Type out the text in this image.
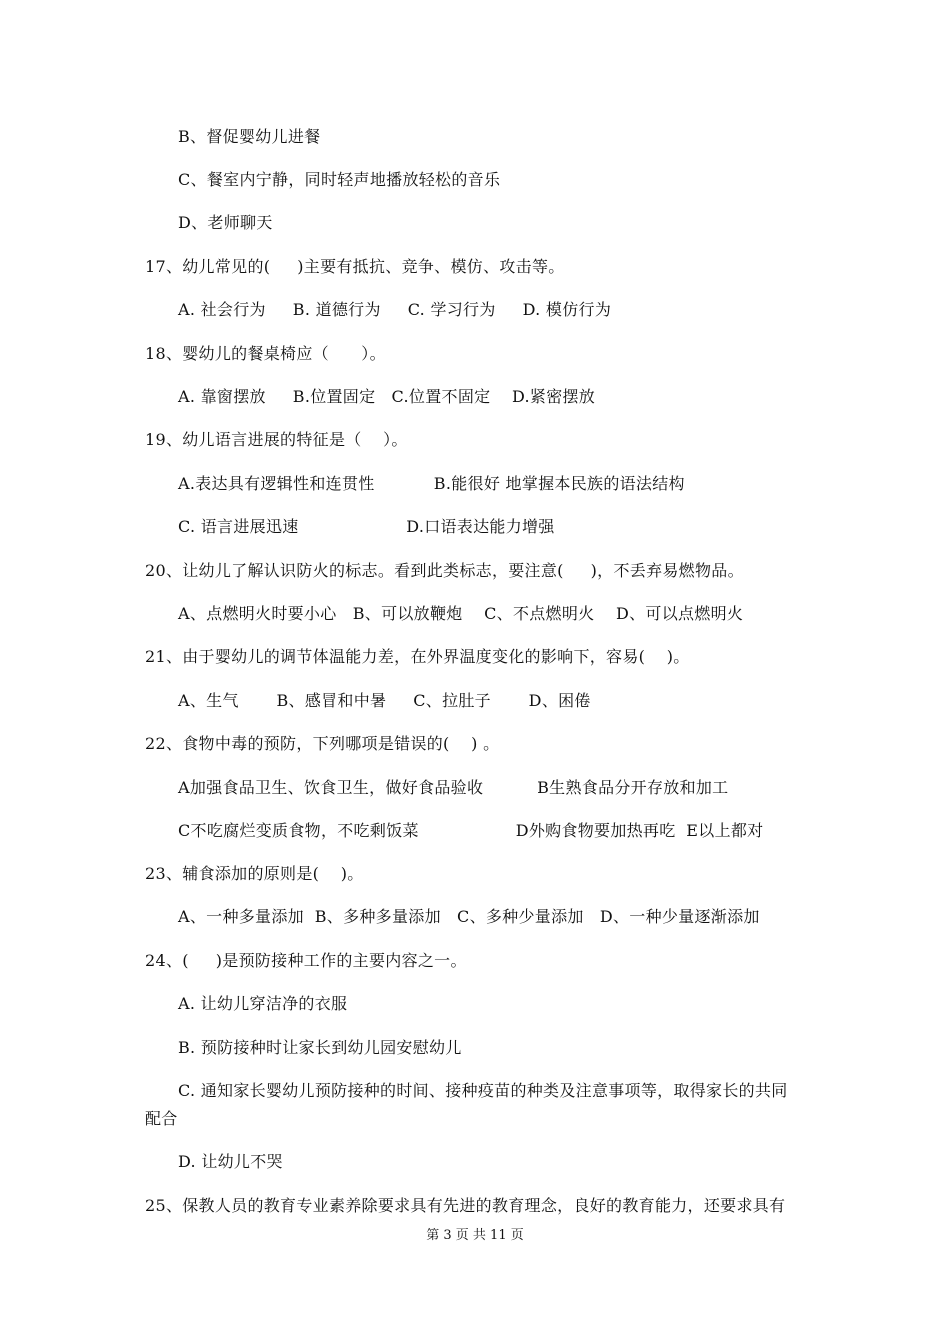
B、督促婴幼儿进餐
C、餐室内宁静，同时轻声地播放轻松的音乐
D、老师聊天
17、幼儿常见的(     )主要有抵抗、竞争、模仿、攻击等。
A. 社会行为     B. 道德行为     C. 学习行为     D. 模仿行为
18、婴幼儿的餐桌椅应（      ）。
A. 靠窗摆放     B.位置固定   C.位置不固定    D.紧密摆放
19、幼儿语言进展的特征是（    ）。
A.表达具有逻辑性和连贯性           B.能很好 地掌握本民族的语法结构
C. 语言进展迅速                    D.口语表达能力增强
20、让幼儿了解认识防火的标志。看到此类标志，要注意(     )，不丢弃易燃物品。
A、点燃明火时要小心   B、可以放鞭炮    C、不点燃明火    D、可以点燃明火
21、由于婴幼儿的调节体温能力差，在外界温度变化的影响下，容易(    )。
A、生气       B、感冒和中暑     C、拉肚子       D、困倦
22、食物中毒的预防，下列哪项是错误的(    ) 。
A加强食品卫生、饮食卫生，做好食品验收          B生熟食品分开存放和加工
C不吃腐烂变质食物，不吃剩饭菜                  D外购食物要加热再吃  E以上都对
23、辅食添加的原则是(    )。
A、一种多量添加  B、多种多量添加   C、多种少量添加   D、一种少量逐渐添加
24、(     )是预防接种工作的主要内容之一。
A. 让幼儿穿洁净的衣服
B. 预防接种时让家长到幼儿园安慰幼儿
C. 通知家长婴幼儿预防接种的时间、接种疫苗的种类及注意事项等，取得家长的共同
配合
D. 让幼儿不哭
25、保教人员的教育专业素养除要求具有先进的教育理念，良好的教育能力，还要求具有
第 3 页 共 11 页
